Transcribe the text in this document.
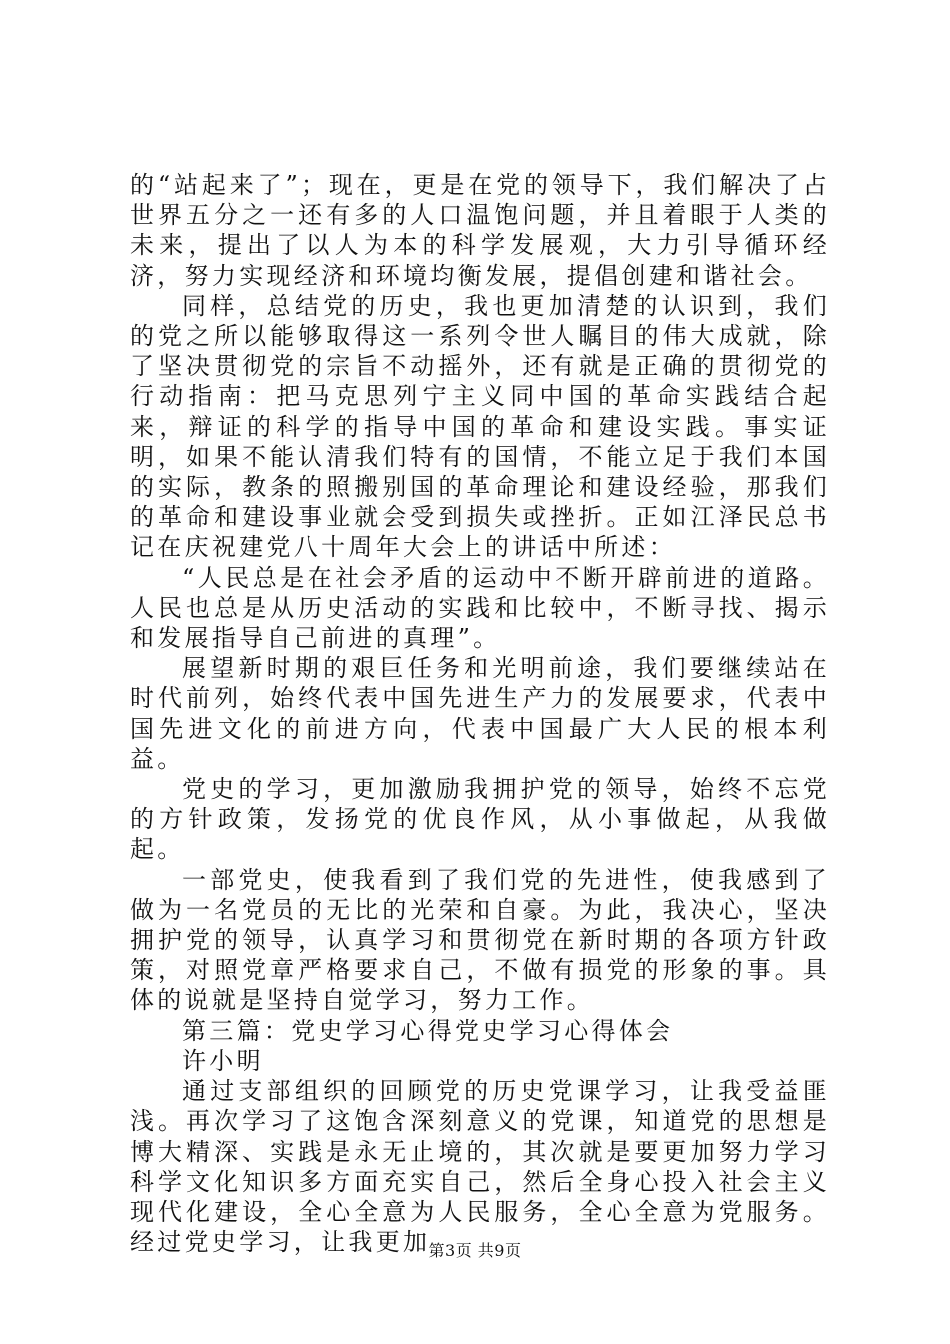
的“站起来了”；现在，更是在党的领导下，我们解决了占世界五分之一还有多的人口温饱问题，并且着眼于人类的未来，提出了以人为本的科学发展观，大力引导循环经济，努力实现经济和环境均衡发展，提倡创建和谐社会。

同样，总结党的历史，我也更加清楚的认识到，我们的党之所以能够取得这一系列令世人瞩目的伟大成就，除了坚决贯彻党的宗旨不动摇外，还有就是正确的贯彻党的行动指南：把马克思列宁主义同中国的革命实践结合起来，辩证的科学的指导中国的革命和建设实践。事实证明，如果不能认清我们特有的国情，不能立足于我们本国的实际，教条的照搬别国的革命理论和建设经验，那我们的革命和建设事业就会受到损失或挫折。正如江泽民总书记在庆祝建党八十周年大会上的讲话中所述：

“人民总是在社会矛盾的运动中不断开辟前进的道路。人民也总是从历史活动的实践和比较中，不断寻找、揭示和发展指导自己前进的真理”。

展望新时期的艰巨任务和光明前途，我们要继续站在时代前列，始终代表中国先进生产力的发展要求，代表中国先进文化的前进方向，代表中国最广大人民的根本利益。

党史的学习，更加激励我拥护党的领导，始终不忘党的方针政策，发扬党的优良作风，从小事做起，从我做起。

一部党史，使我看到了我们党的先进性，使我感到了做为一名党员的无比的光荣和自豪。为此，我决心，坚决拥护党的领导，认真学习和贯彻党在新时期的各项方针政策，对照党章严格要求自己，不做有损党的形象的事。具体的说就是坚持自觉学习，努力工作。

第三篇：党史学习心得党史学习心得体会

许小明

通过支部组织的回顾党的历史党课学习，让我受益匪浅。再次学习了这饱含深刻意义的党课，知道党的思想是博大精深、实践是永无止境的，其次就是要更加努力学习科学文化知识多方面充实自己，然后全身心投入社会主义现代化建设，全心全意为人民服务，全心全意为党服务。经过党史学习，让我更加

第3页 共9页
